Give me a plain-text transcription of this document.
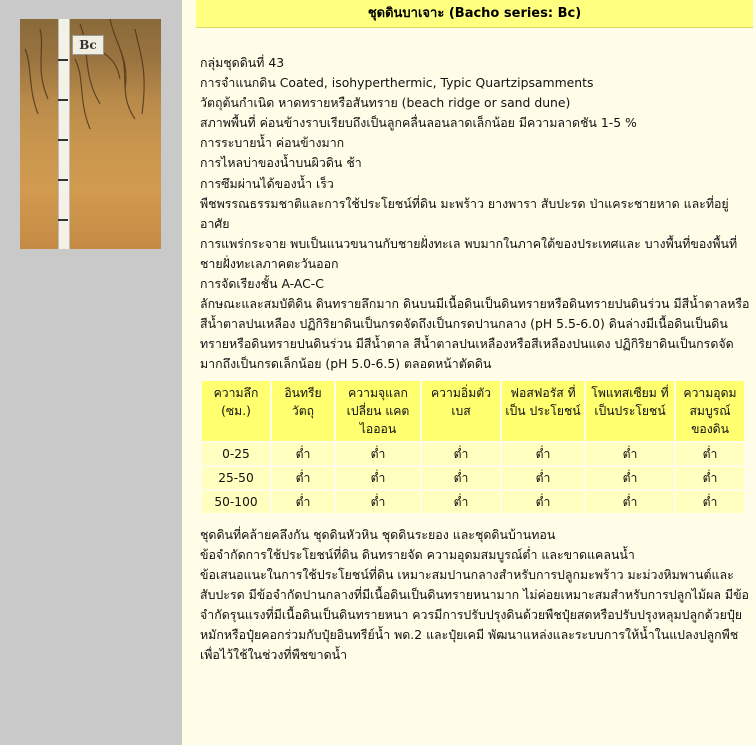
Bc
ชุดดินบาเจาะ (Bacho series: Bc)
กลุ่มชุดดินที่ 43
การจำแนกดิน Coated, isohyperthermic, Typic Quartzipsamments
วัตถุต้นกำเนิด หาดทรายหรือสันทราย (beach ridge or sand dune)
สภาพพื้นที่ ค่อนข้างราบเรียบถึงเป็นลูกคลื่นลอนลาดเล็กน้อย มีความลาดชัน 1-5 %
การระบายน้ำ ค่อนข้างมาก
การไหลบ่าของน้ำบนผิวดิน ช้า
การซึมผ่านได้ของน้ำ เร็ว
พืชพรรณธรรมชาติและการใช้ประโยชน์ที่ดิน มะพร้าว ยางพารา สับปะรด ป่าแคระชายหาด และที่อยู่อาศัย
การแพร่กระจาย พบเป็นแนวขนานกับชายฝั่งทะเล พบมากในภาคใต้ของประเทศและ บางพื้นที่ของพื้นที่ชายฝั่งทะเลภาคตะวันออก
การจัดเรียงชั้น A-AC-C
ลักษณะและสมบัติดิน ดินทรายลึกมาก ดินบนมีเนื้อดินเป็นดินทรายหรือดินทรายปนดินร่วน มีสีน้ำตาลหรือสีน้ำตาลปนเหลือง ปฏิกิริยาดินเป็นกรดจัดถึงเป็นกรดปานกลาง (pH 5.5-6.0) ดินล่างมีเนื้อดินเป็นดินทรายหรือดินทรายปนดินร่วน มีสีน้ำตาล สีน้ำตาลปนเหลืองหรือสีเหลืองปนแดง ปฏิกิริยาดินเป็นกรดจัดมากถึงเป็นกรดเล็กน้อย (pH 5.0-6.5) ตลอดหน้าตัดดิน
ความลึก (ซม.)	อินทรีย วัตถุ	ความจุแลกเปลี่ยน แคตไอออน	ความอิ่มตัว เบส	ฟอสฟอรัส ที่เป็น ประโยชน์	โพแทสเซียม ที่เป็นประโยชน์	ความอุดม สมบูรณ์ ของดิน
0-25	ต่ำ	ต่ำ	ต่ำ	ต่ำ	ต่ำ	ต่ำ
25-50	ต่ำ	ต่ำ	ต่ำ	ต่ำ	ต่ำ	ต่ำ
50-100	ต่ำ	ต่ำ	ต่ำ	ต่ำ	ต่ำ	ต่ำ
ชุดดินที่คล้ายคลึงกัน ชุดดินหัวหิน ชุดดินระยอง และชุดดินบ้านทอน
ข้อจำกัดการใช้ประโยชน์ที่ดิน ดินทรายจัด ความอุดมสมบูรณ์ต่ำ และขาดแคลนน้ำ
ข้อเสนอแนะในการใช้ประโยชน์ที่ดิน เหมาะสมปานกลางสำหรับการปลูกมะพร้าว มะม่วงหิมพานต์และสับปะรด มีข้อจำกัดปานกลางที่มีเนื้อดินเป็นดินทรายหนามาก ไม่ค่อยเหมาะสมสำหรับการปลูกไม้ผล มีข้อจำกัดรุนแรงที่มีเนื้อดินเป็นดินทรายหนา ควรมีการปรับปรุงดินด้วยพืชปุ๋ยสดหรือปรับปรุงหลุมปลูกด้วยปุ๋ยหมักหรือปุ๋ยคอกร่วมกับปุ๋ยอินทรีย์น้ำ พด.2 และปุ๋ยเคมี พัฒนาแหล่งและระบบการให้น้ำในแปลงปลูกพืช เพื่อไว้ใช้ในช่วงที่พืชขาดน้ำ
